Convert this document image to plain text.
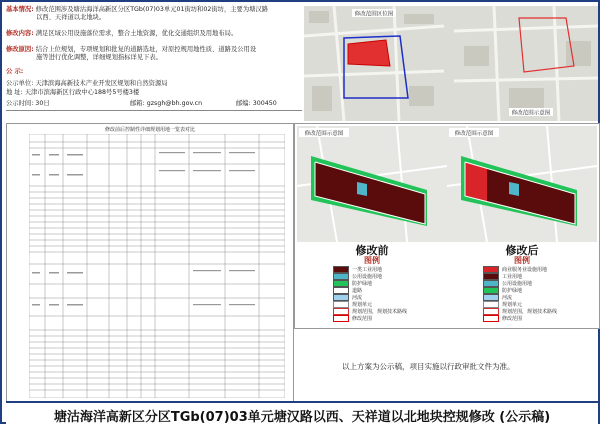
基本情况: 修改范围涉及塘沽海洋高新区分区TGb(07)03单元01街坊和02街坊，主要为塘汉路
以西、天祥道以北地块。
修改内容: 满足区域公用设施落位需求，整合土地资源，优化交通组织及用地布局。
修改原因: 结合上位规划，专项规划和批复的道路选址，对原控规用地性质、道路及公用设
施等进行优化调整，详细规划指标详见下表。
公 示:
公示单位: 天津滨海高新技术产业开发区规划和自然资源局
地 址: 天津市滨海新区行政中心188号5号楼3楼
公示时间: 30日	邮箱: gzsgh@bh.gov.cn	邮编: 300450
修改范围区位图
修改范围示意图
修改前后控制性详细规划用地一览表对比
修改范围示意图
修改前
图例
一类工业用地
公用设施用地
防护绿地
道路
河流
规划单元
规划范围，规划技术路线
修改范围
修改范围示意图
修改后
图例
商业服务业设施用地
工业用地
公用设施用地
防护绿地
河流
规划单元
规划范围，规划技术路线
修改范围
以上方案为公示稿，项目实施以行政审批文件为准。
塘沽海洋高新区分区TGb(07)03单元塘汉路以西、天祥道以北地块控规修改 (公示稿)
